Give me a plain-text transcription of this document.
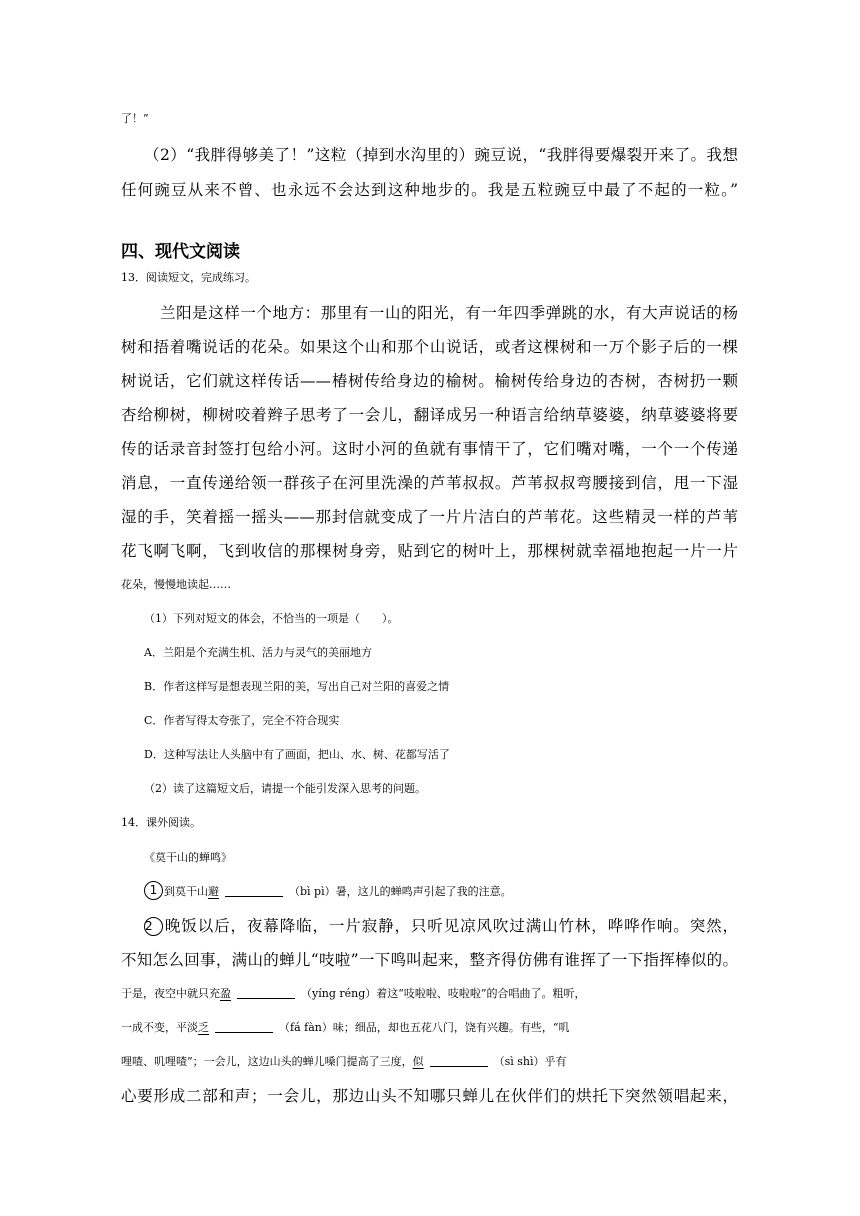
了！”
（2）“我胖得够美了！”这粒（掉到水沟里的）豌豆说，“我胖得要爆裂开来了。我想
任何豌豆从来不曾、也永远不会达到这种地步的。我是五粒豌豆中最了不起的一粒。”
四、现代文阅读
13．阅读短文，完成练习。
兰阳是这样一个地方：那里有一山的阳光，有一年四季弹跳的水，有大声说话的杨
树和捂着嘴说话的花朵。如果这个山和那个山说话，或者这棵树和一万个影子后的一棵
树说话，它们就这样传话——椿树传给身边的榆树。榆树传给身边的杏树，杏树扔一颗
杏给柳树，柳树咬着辫子思考了一会儿，翻译成另一种语言给纳草婆婆，纳草婆婆将要
传的话录音封签打包给小河。这时小河的鱼就有事情干了，它们嘴对嘴，一个一个传递
消息，一直传递给领一群孩子在河里洗澡的芦苇叔叔。芦苇叔叔弯腰接到信，甩一下湿
湿的手，笑着摇一摇头——那封信就变成了一片片洁白的芦苇花。这些精灵一样的芦苇
花飞啊飞啊，飞到收信的那棵树身旁，贴到它的树叶上，那棵树就幸福地抱起一片一片
花朵，慢慢地读起……
（1）下列对短文的体会，不恰当的一项是（　　）。
A．兰阳是个充满生机、活力与灵气的美丽地方
B．作者这样写是想表现兰阳的美，写出自己对兰阳的喜爱之情
C．作者写得太夸张了，完全不符合现实
D．这种写法让人头脑中有了画面，把山、水、树、花都写活了
（2）读了这篇短文后，请提一个能引发深入思考的问题。
14．课外阅读。
《莫干山的蝉鸣》
1 到莫干山避	（bì pì）暑，这儿的蝉鸣声引起了我的注意。
2 晚饭以后，夜幕降临，一片寂静，只听见凉风吹过满山竹林，哗哗作响。突然，
不知怎么回事，满山的蝉儿“吱啦”一下鸣叫起来，整齐得仿佛有谁挥了一下指挥棒似的。
于是，夜空中就只充盈	（yíng réng）着这“吱啦啦、吱啦啦”的合唱曲了。粗听，
一成不变，平淡乏	（fá fàn）味；细品，却也五花八门，饶有兴趣。有些，“叽
哩喳、叽哩喳”；一会儿，这边山头的蝉儿嗓门提高了三度，似	（sì shì）乎有
心要形成二部和声；一会儿，那边山头不知哪只蝉儿在伙伴们的烘托下突然领唱起来，
